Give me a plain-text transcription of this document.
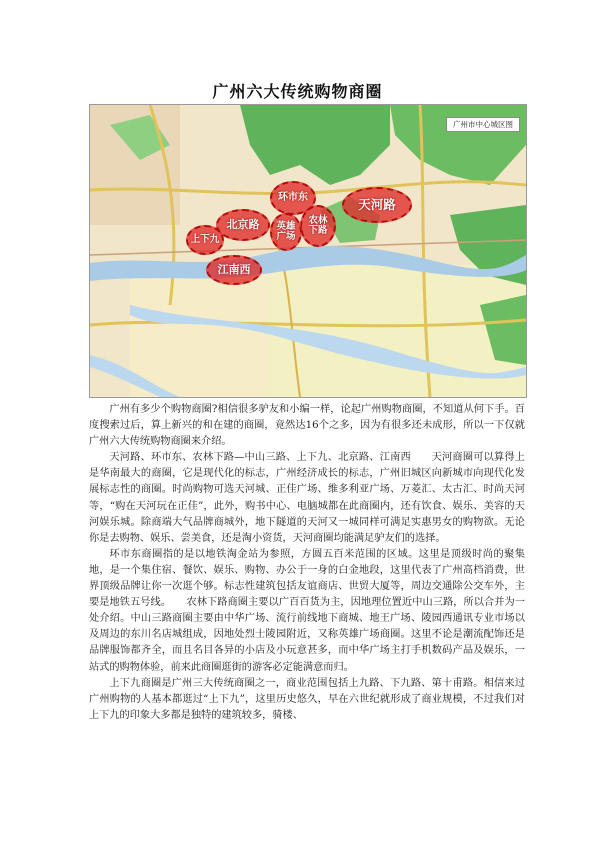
广州六大传统购物商圈
广州市中心城区图
环市东
天河路
北京路	农林下路
英雄广场
上下九
江南西

广州有多少个购物商圈?相信很多驴友和小编一样，论起广州购物商圈，不知道从何下手。百度搜索过后，算上新兴的和在建的商圈，竟然达16个之多，因为有很多还未成形，所以一下仅就广州六大传统购物商圈来介绍。

天河路、环市东、农林下路—中山三路、上下九、北京路、江南西　　天河商圈可以算得上是华南最大的商圈，它是现代化的标志，广州经济成长的标志，广州旧城区向新城市向现代化发展标志性的商圈。时尚购物可选天河城、正佳广场、维多利亚广场、万菱汇、太古汇、时尚天河等，“购在天河玩在正佳”，此外，购书中心、电脑城都在此商圈内，还有饮食、娱乐、美容的天河娱乐城。除商端大气品牌商城外，地下隧道的天河又一城同样可满足实惠男女的购物欲。无论你是去购物、娱乐、尝美食，还是淘小资货，天河商圈均能满足驴友们的选择。

环市东商圈指的是以地铁淘金站为参照，方圆五百米范围的区域。这里是顶级时尚的聚集地，是一个集住宿、餐饮、娱乐、购物、办公于一身的白金地段，这里代表了广州高档消费，世界顶级品牌让你一次逛个够。标志性建筑包括友谊商店、世贸大厦等，周边交通除公交车外，主要是地铁五号线。　　农林下路商圈主要以广百百货为主，因地理位置近中山三路，所以合并为一处介绍。中山三路商圈主要由中华广场、流行前线地下商城、地王广场、陵园西通讯专业市场以及周边的东川名店城组成，因地处烈士陵园附近，又称英雄广场商圈。这里不论是潮流配饰还是品牌服饰都齐全，而且名目各异的小店及小玩意甚多，而中华广场主打手机数码产品及娱乐，一站式的购物体验，前来此商圈逛街的游客必定能满意而归。

上下九商圈是广州三大传统商圈之一，商业范围包括上九路、下九路、第十甫路。相信来过广州购物的人基本都逛过“上下九”，这里历史悠久，早在六世纪就形成了商业规模，不过我们对上下九的印象大多都是独特的建筑较多，骑楼、
